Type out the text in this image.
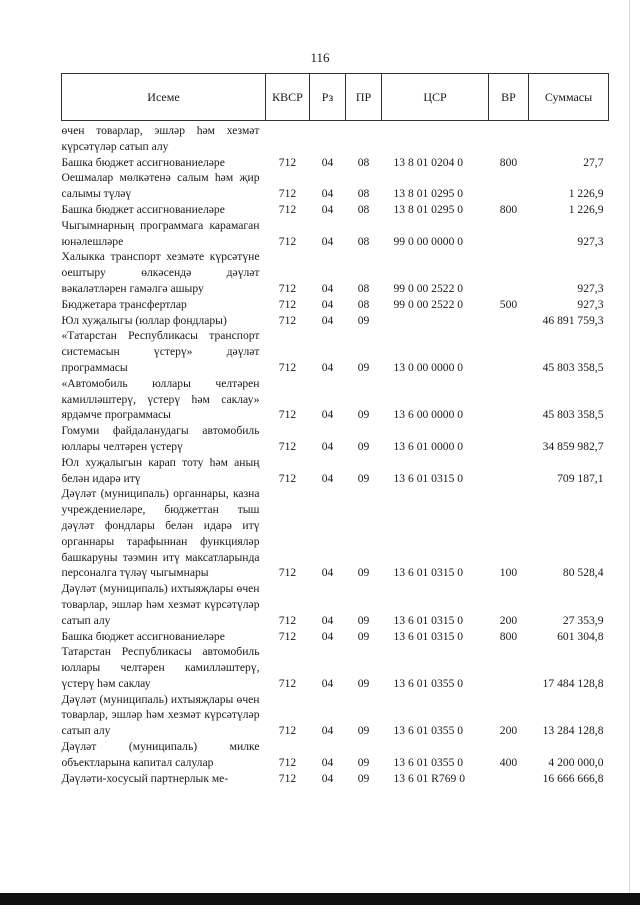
116
Исеме	КВСР	Рз	ПР	ЦСР	ВР	Суммасы
өчен товарлар, эшләр һәм хезмәт күрсәтүләр сатып алу						
Башка бюджет ассигнованиеләре	712	04	08	13 8 01 0204 0	800	27,7
Оешмалар мөлкәтенә салым һәм җир салымы түләү	712	04	08	13 8 01 0295 0		1 226,9
Башка бюджет ассигнованиеләре	712	04	08	13 8 01 0295 0	800	1 226,9
Чыгымнарның программага карамаган юнәлешләре	712	04	08	99 0 00 0000 0		927,3
Халыкка транспорт хезмәте күрсәтүне оештыру өлкәсендә дәүләт вәкаләтләрен гамәлгә ашыру	712	04	08	99 0 00 2522 0		927,3
Бюджетара трансфертлар	712	04	08	99 0 00 2522 0	500	927,3
Юл хуҗалыгы (юллар фондлары)	712	04	09			46 891 759,3
«Татарстан Республикасы транспорт системасын үстерү» дәүләт программасы	712	04	09	13 0 00 0000 0		45 803 358,5
«Автомобиль юллары челтәрен камилләштерү, үстерү һәм саклау» ярдәмче программасы	712	04	09	13 6 00 0000 0		45 803 358,5
Гомуми файдаланудагы автомобиль юллары челтәрен үстерү	712	04	09	13 6 01 0000 0		34 859 982,7
Юл хуҗалыгын карап тоту һәм аның белән идарә итү	712	04	09	13 6 01 0315 0		709 187,1
Дәүләт (муниципаль) органнары, казна учреждениеләре, бюджеттан тыш дәүләт фондлары белән идарә итү органнары тарафыннан функцияләр башкаруны тәэмин итү максатларында персоналга түләү чыгымнары	712	04	09	13 6 01 0315 0	100	80 528,4
Дәүләт (муниципаль) ихтыяҗлары өчен товарлар, эшләр һәм хезмәт күрсәтүләр сатып алу	712	04	09	13 6 01 0315 0	200	27 353,9
Башка бюджет ассигнованиеләре	712	04	09	13 6 01 0315 0	800	601 304,8
Татарстан Республикасы автомобиль юллары челтәрен камилләштерү, үстерү һәм саклау	712	04	09	13 6 01 0355 0		17 484 128,8
Дәүләт (муниципаль) ихтыяҗлары өчен товарлар, эшләр һәм хезмәт күрсәтүләр сатып алу	712	04	09	13 6 01 0355 0	200	13 284 128,8
Дәүләт (муниципаль) милке объектларына капитал салулар	712	04	09	13 6 01 0355 0	400	4 200 000,0
Дәүләти-хосусый партнерлык ме-	712	04	09	13 6 01 R769 0		16 666 666,8
